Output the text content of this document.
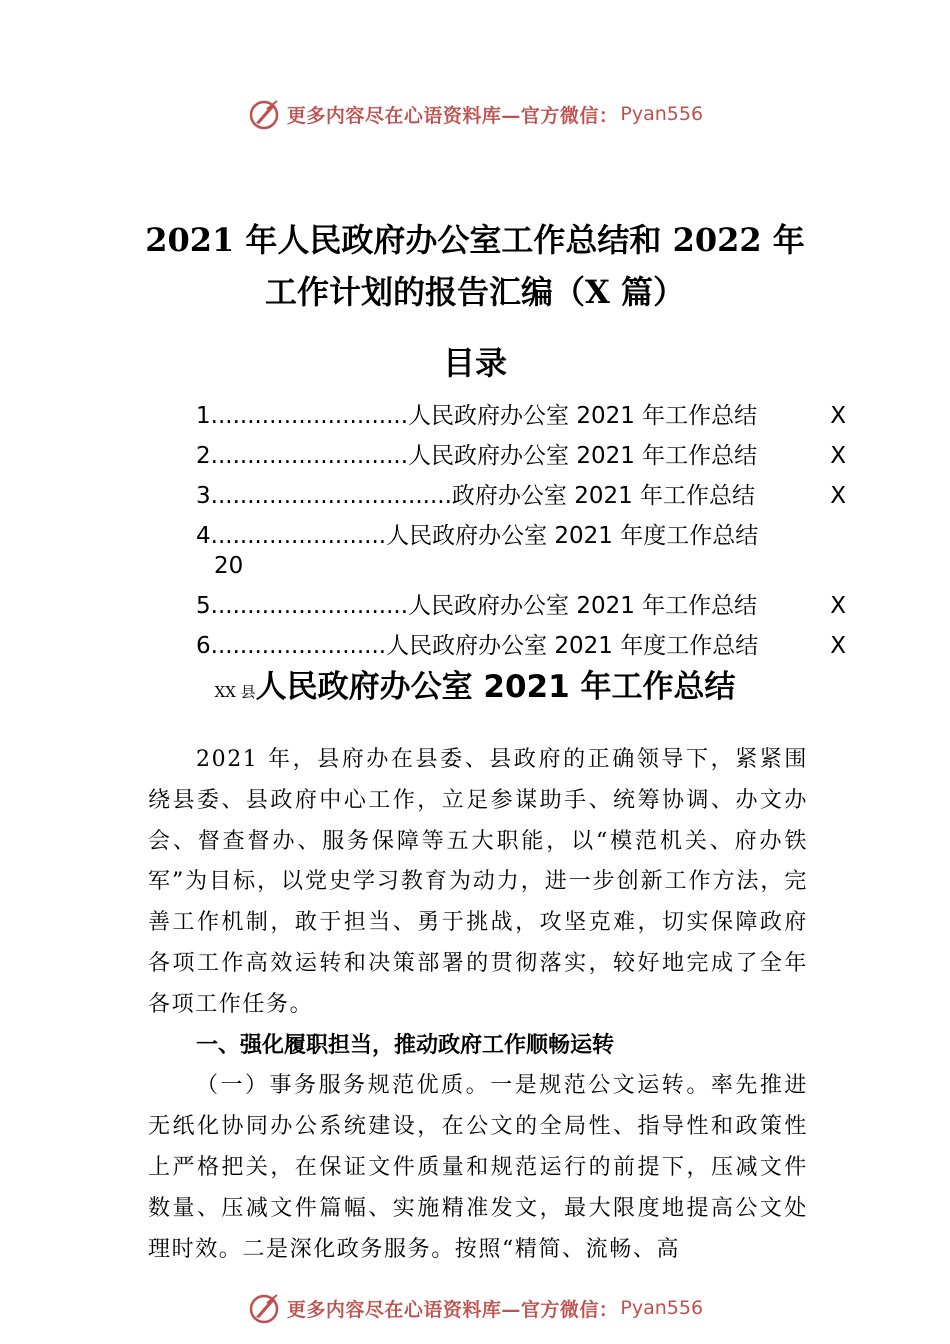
更多内容尽在心语资料库—官方微信： Pyan556
2021 年人民政府办公室工作总结和 2022 年
工作计划的报告汇编（X 篇）
目录
1...........................人民政府办公室 2021 年工作总结	X
2...........................人民政府办公室 2021 年工作总结	X
3.................................政府办公室 2021 年工作总结	X
4........................人民政府办公室 2021 年度工作总结
20
5...........................人民政府办公室 2021 年工作总结	X
6........................人民政府办公室 2021 年度工作总结	X
XX 县人民政府办公室 2021 年工作总结

2021 年，县府办在县委、县政府的正确领导下，紧紧围绕县委、县政府中心工作，立足参谋助手、统筹协调、办文办会、督查督办、服务保障等五大职能，以“模范机关、府办铁军”为目标，以党史学习教育为动力，进一步创新工作方法，完善工作机制，敢于担当、勇于挑战，攻坚克难，切实保障政府各项工作高效运转和决策部署的贯彻落实，较好地完成了全年各项工作任务。

一、强化履职担当，推动政府工作顺畅运转

（一）事务服务规范优质。一是规范公文运转。率先推进无纸化协同办公系统建设，在公文的全局性、指导性和政策性上严格把关，在保证文件质量和规范运行的前提下，压减文件数量、压减文件篇幅、实施精准发文，最大限度地提高公文处理时效。二是深化政务服务。按照“精简、流畅、高

更多内容尽在心语资料库—官方微信： Pyan556
